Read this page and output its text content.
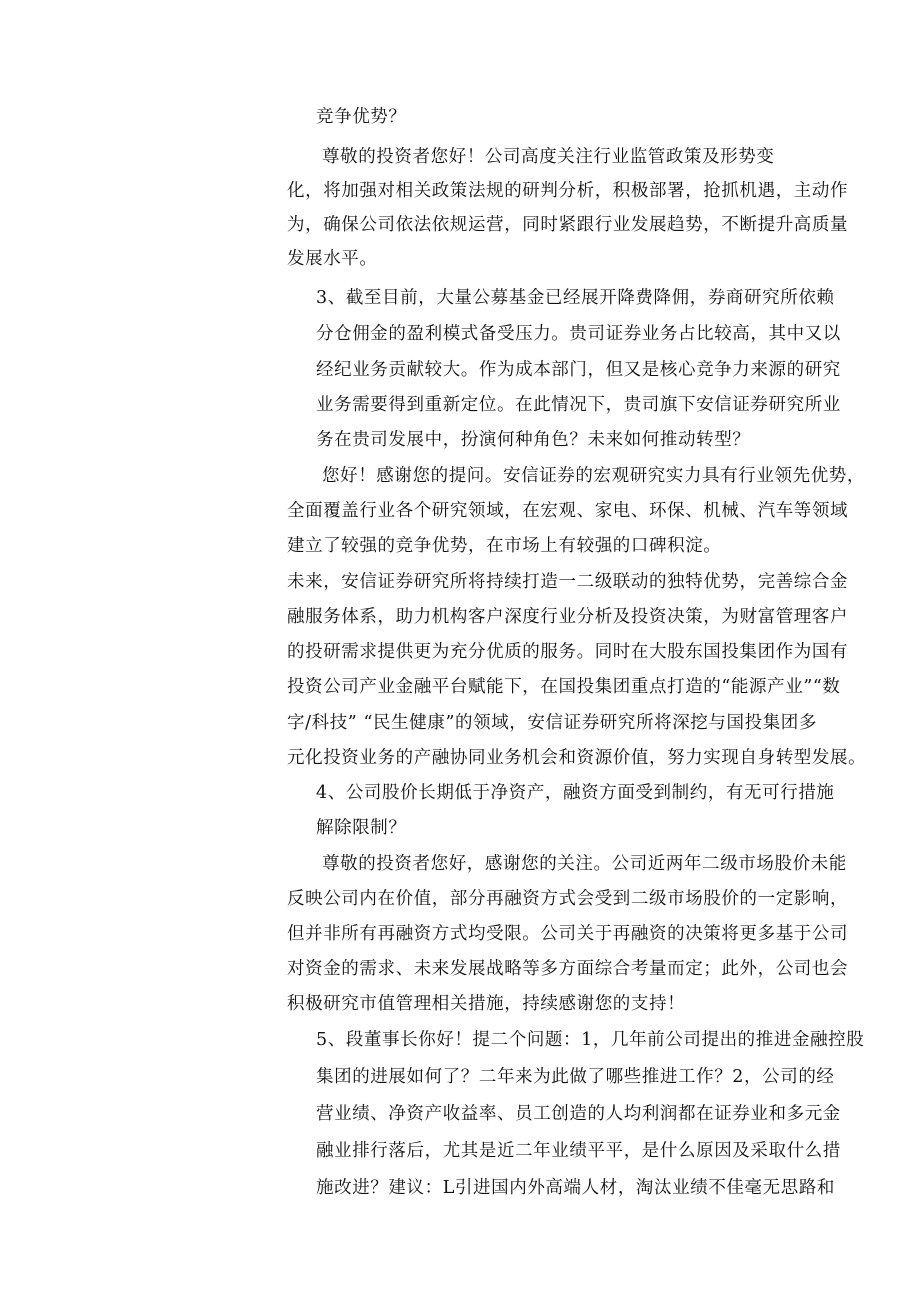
竞争优势？
尊敬的投资者您好！公司高度关注行业监管政策及形势变
化，将加强对相关政策法规的研判分析，积极部署，抢抓机遇，主动作
为，确保公司依法依规运营，同时紧跟行业发展趋势，不断提升高质量
发展水平。
3、截至目前，大量公募基金已经展开降费降佣，券商研究所依赖
分仓佣金的盈利模式备受压力。贵司证券业务占比较高，其中又以
经纪业务贡献较大。作为成本部门，但又是核心竞争力来源的研究
业务需要得到重新定位。在此情况下，贵司旗下安信证券研究所业
务在贵司发展中，扮演何种角色？未来如何推动转型？
您好！感谢您的提问。安信证券的宏观研究实力具有行业领先优势，
全面覆盖行业各个研究领域，在宏观、家电、环保、机械、汽车等领域
建立了较强的竞争优势，在市场上有较强的口碑积淀。
未来，安信证券研究所将持续打造一二级联动的独特优势，完善综合金
融服务体系，助力机构客户深度行业分析及投资决策，为财富管理客户
的投研需求提供更为充分优质的服务。同时在大股东国投集团作为国有
投资公司产业金融平台赋能下，在国投集团重点打造的“能源产业”“数
字/科技” “民生健康”的领域，安信证券研究所将深挖与国投集团多
元化投资业务的产融协同业务机会和资源价值，努力实现自身转型发展。
4、公司股价长期低于净资产，融资方面受到制约，有无可行措施
解除限制？
尊敬的投资者您好，感谢您的关注。公司近两年二级市场股价未能
反映公司内在价值，部分再融资方式会受到二级市场股价的一定影响，
但并非所有再融资方式均受限。公司关于再融资的决策将更多基于公司
对资金的需求、未来发展战略等多方面综合考量而定；此外，公司也会
积极研究市值管理相关措施，持续感谢您的支持！
5、段董事长你好！提二个问题：1，几年前公司提出的推进金融控股
集团的进展如何了？二年来为此做了哪些推进工作？2，公司的经
营业绩、净资产收益率、员工创造的人均利润都在证券业和多元金
融业排行落后，尤其是近二年业绩平平，是什么原因及采取什么措
施改进？建议：L引进国内外高端人材，淘汰业绩不佳毫无思路和
